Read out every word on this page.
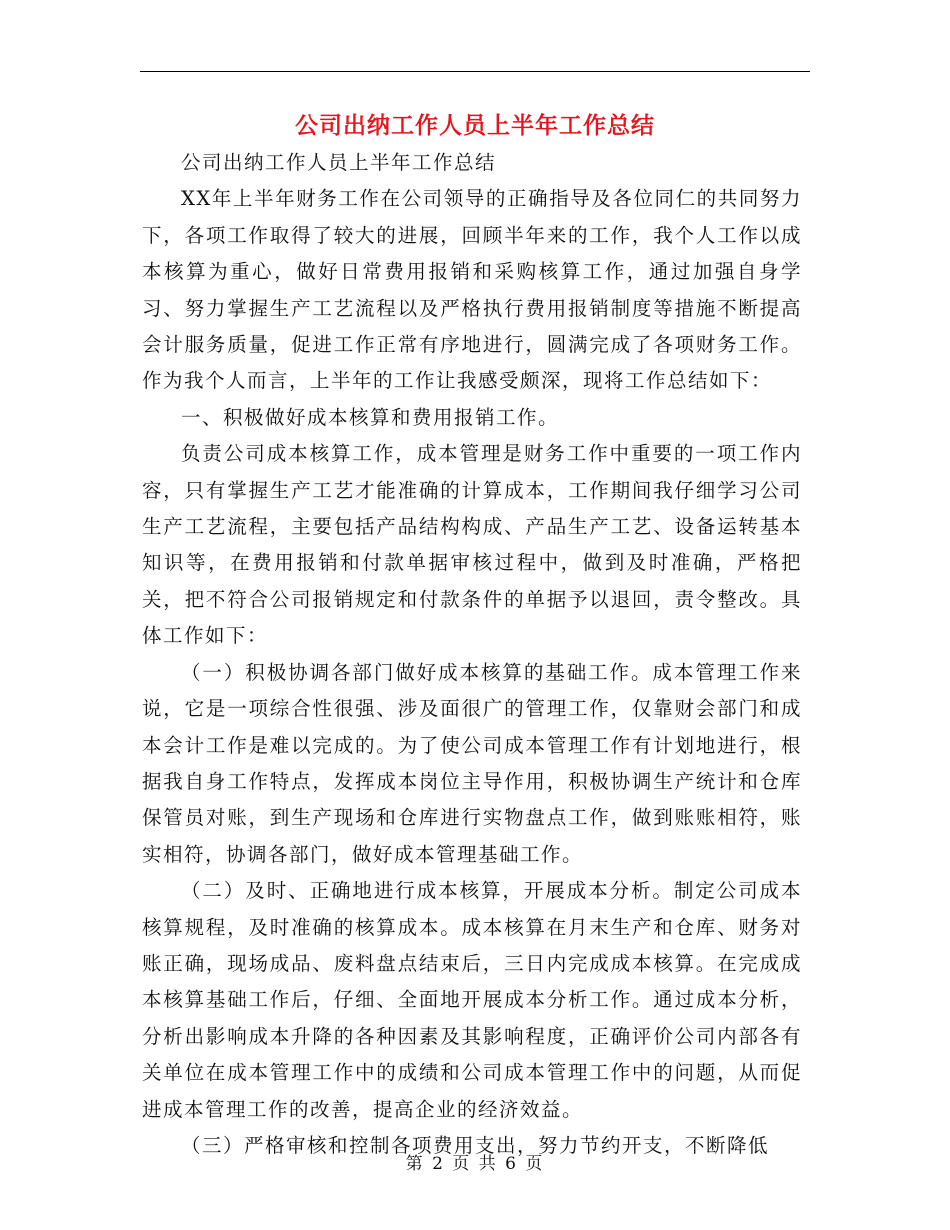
公司出纳工作人员上半年工作总结

公司出纳工作人员上半年工作总结

XX年上半年财务工作在公司领导的正确指导及各位同仁的共同努力下，各项工作取得了较大的进展，回顾半年来的工作，我个人工作以成本核算为重心，做好日常费用报销和采购核算工作，通过加强自身学习、努力掌握生产工艺流程以及严格执行费用报销制度等措施不断提高会计服务质量，促进工作正常有序地进行，圆满完成了各项财务工作。作为我个人而言，上半年的工作让我感受颇深，现将工作总结如下：

一、积极做好成本核算和费用报销工作。

负责公司成本核算工作，成本管理是财务工作中重要的一项工作内容，只有掌握生产工艺才能准确的计算成本，工作期间我仔细学习公司生产工艺流程，主要包括产品结构构成、产品生产工艺、设备运转基本知识等，在费用报销和付款单据审核过程中，做到及时准确，严格把关，把不符合公司报销规定和付款条件的单据予以退回，责令整改。具体工作如下：

（一）积极协调各部门做好成本核算的基础工作。成本管理工作来说，它是一项综合性很强、涉及面很广的管理工作，仅靠财会部门和成本会计工作是难以完成的。为了使公司成本管理工作有计划地进行，根据我自身工作特点，发挥成本岗位主导作用，积极协调生产统计和仓库保管员对账，到生产现场和仓库进行实物盘点工作，做到账账相符，账实相符，协调各部门，做好成本管理基础工作。

（二）及时、正确地进行成本核算，开展成本分析。制定公司成本核算规程，及时准确的核算成本。成本核算在月末生产和仓库、财务对账正确，现场成品、废料盘点结束后，三日内完成成本核算。在完成成本核算基础工作后，仔细、全面地开展成本分析工作。通过成本分析，分析出影响成本升降的各种因素及其影响程度，正确评价公司内部各有关单位在成本管理工作中的成绩和公司成本管理工作中的问题，从而促进成本管理工作的改善，提高企业的经济效益。

（三）严格审核和控制各项费用支出，努力节约开支，不断降低

第 2 页 共 6 页
